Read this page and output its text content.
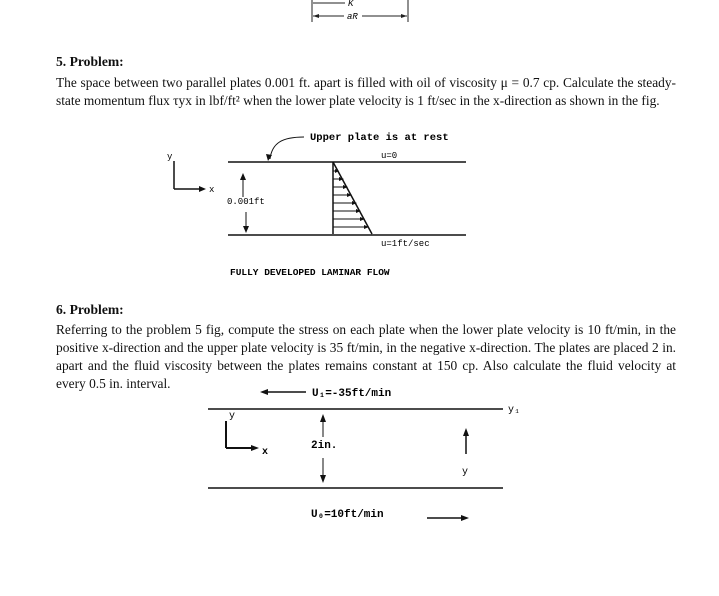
K
aR
5. Problem:
The space between two parallel plates 0.001 ft. apart is filled with oil of viscosity μ = 0.7 cp. Calculate the steady-state momentum flux τyx in lbf/ft² when the lower plate velocity is 1 ft/sec in the x-direction as shown in the fig.
Upper plate is at rest
u=0
y
x
0.001ft
u=1ft/sec
FULLY DEVELOPED LAMINAR FLOW
6. Problem:
Referring to the problem 5 fig, compute the stress on each plate when the lower plate velocity is 10 ft/min, in the positive x-direction and the upper plate velocity is 35 ft/min, in the negative x-direction. The plates are placed 2 in. apart and the fluid viscosity between the plates remains constant at 150 cp. Also calculate the fluid velocity at every 0.5 in. interval.
U₁=-35ft/min
y
x
2in.
y₁
y
U₀=10ft/min
